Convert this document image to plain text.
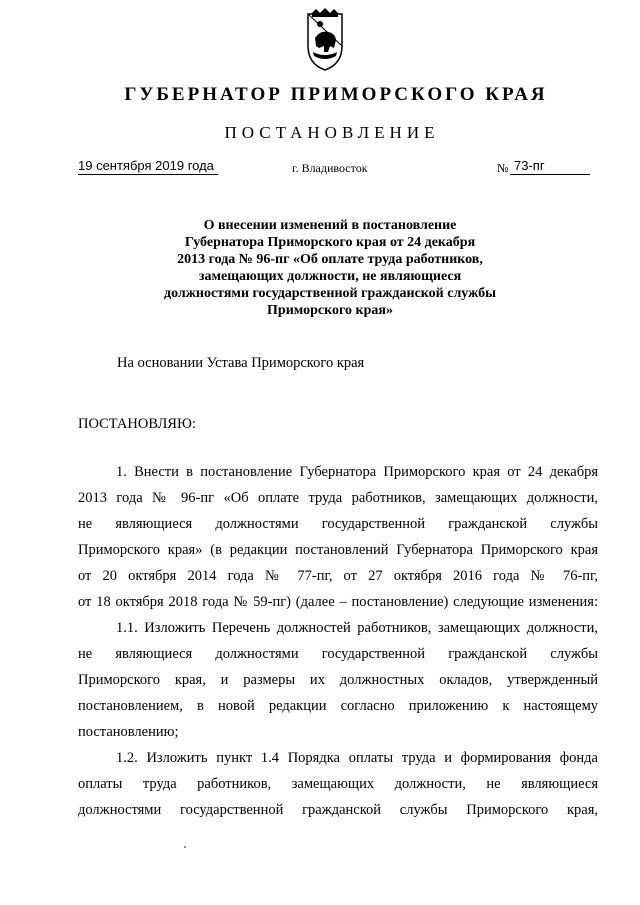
ГУБЕРНАТОР ПРИМОРСКОГО КРАЯ
ПОСТАНОВЛЕНИЕ
19 сентября 2019 года	г. Владивосток	№ 73-пг
О внесении изменений в постановление
Губернатора Приморского края от 24 декабря
2013 года № 96-пг «Об оплате труда работников,
замещающих должности, не являющиеся
должностями государственной гражданской службы
Приморского края»
На основании Устава Приморского края
ПОСТАНОВЛЯЮ:
1. Внести в постановление Губернатора Приморского края от 24 декабря
2013 года № 96-пг «Об оплате труда работников, замещающих должности,
не являющиеся должностями государственной гражданской службы
Приморского края» (в редакции постановлений Губернатора Приморского края
от 20 октября 2014 года № 77-пг, от 27 октября 2016 года № 76-пг,
от 18 октября 2018 года № 59-пг) (далее – постановление) следующие изменения:
1.1. Изложить Перечень должностей работников, замещающих должности,
не являющиеся должностями государственной гражданской службы
Приморского края, и размеры их должностных окладов, утвержденный
постановлением, в новой редакции согласно приложению к настоящему
постановлению;
1.2. Изложить пункт 1.4 Порядка оплаты труда и формирования фонда
оплаты труда работников, замещающих должности, не являющиеся
должностями государственной гражданской службы Приморского края,
